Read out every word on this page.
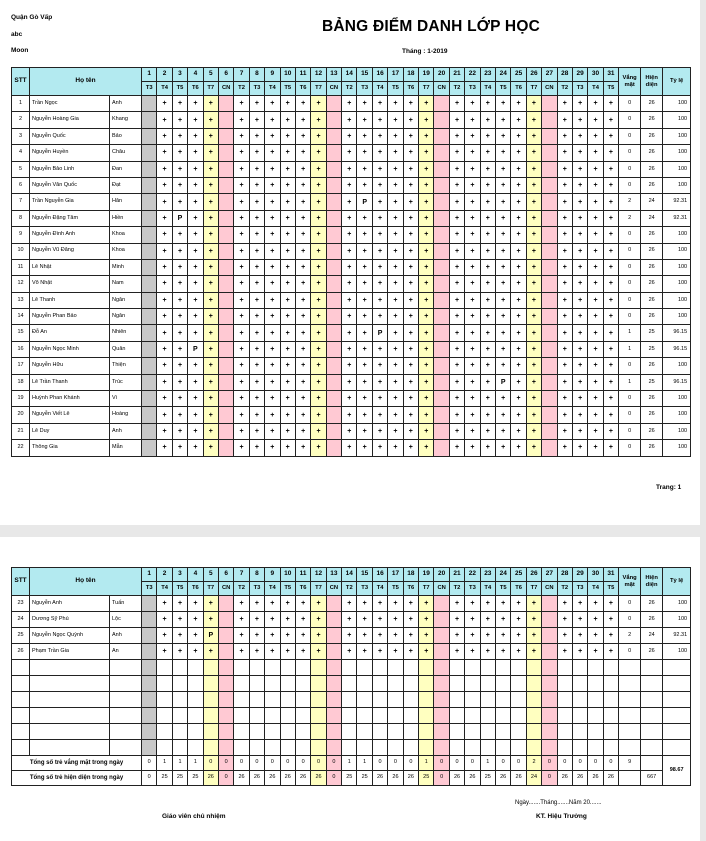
Quận Gò Vấp
abc
Moon
BẢNG ĐIỂM DANH LỚP HỌC
Tháng : 1-2019
STT	Họ tên		1	2	3	4	5	6	7	8	9	10	11	12	13	14	15	16	17	18	19	20	21	22	23	24	25	26	27	28	29	30	31	Vắng mặt	Hiện diện	Tỷ lệ
			T3	T4	T5	T6	T7	CN	T2	T3	T4	T5	T6	T7	CN	T2	T3	T4	T5	T6	T7	CN	T2	T3	T4	T5	T6	T7	CN	T2	T3	T4	T5			
1	Trần Ngọc	Anh		+	+	+	+		+	+	+	+	+	+		+	+	+	+	+	+		+	+	+	+	+	+		+	+	+	+	0	26	100
2	Nguyễn Hoàng Gia	Khang		+	+	+	+		+	+	+	+	+	+		+	+	+	+	+	+		+	+	+	+	+	+		+	+	+	+	0	26	100
3	Nguyễn Quốc	Bảo		+	+	+	+		+	+	+	+	+	+		+	+	+	+	+	+		+	+	+	+	+	+		+	+	+	+	0	26	100
4	Nguyễn Huyền	Châu		+	+	+	+		+	+	+	+	+	+		+	+	+	+	+	+		+	+	+	+	+	+		+	+	+	+	0	26	100
5	Nguyễn Bảo Linh	Đan		+	+	+	+		+	+	+	+	+	+		+	+	+	+	+	+		+	+	+	+	+	+		+	+	+	+	0	26	100
6	Nguyễn Văn Quốc	Đạt		+	+	+	+		+	+	+	+	+	+		+	+	+	+	+	+		+	+	+	+	+	+		+	+	+	+	0	26	100
7	Trần Nguyễn Gia	Hân		+	+	+	+		+	+	+	+	+	+		+	P	+	+	+	+		+	+	+	+	+	+		+	+	+	+	2	24	92.31
8	Nguyễn Đặng Tâm	Hiền		+	P	+	+		+	+	+	+	+	+		+	+	+	+	+	+		+	+	+	+	+	+		+	+	+	+	2	24	92.31
9	Nguyễn Đình Anh	Khoa		+	+	+	+		+	+	+	+	+	+		+	+	+	+	+	+		+	+	+	+	+	+		+	+	+	+	0	26	100
10	Nguyễn Vũ Đăng	Khoa		+	+	+	+		+	+	+	+	+	+		+	+	+	+	+	+		+	+	+	+	+	+		+	+	+	+	0	26	100
11	Lê Nhật	Minh		+	+	+	+		+	+	+	+	+	+		+	+	+	+	+	+		+	+	+	+	+	+		+	+	+	+	0	26	100
12	Võ Nhật	Nam		+	+	+	+		+	+	+	+	+	+		+	+	+	+	+	+		+	+	+	+	+	+		+	+	+	+	0	26	100
13	Lê Thanh	Ngân		+	+	+	+		+	+	+	+	+	+		+	+	+	+	+	+		+	+	+	+	+	+		+	+	+	+	0	26	100
14	Nguyễn Phan Bảo	Ngân		+	+	+	+		+	+	+	+	+	+		+	+	+	+	+	+		+	+	+	+	+	+		+	+	+	+	0	26	100
15	Đỗ An	Nhiên		+	+	+	+		+	+	+	+	+	+		+	+	P	+	+	+		+	+	+	+	+	+		+	+	+	+	1	25	96.15
16	Nguyễn Ngọc Minh	Quân		+	+	P	+		+	+	+	+	+	+		+	+	+	+	+	+		+	+	+	+	+	+		+	+	+	+	1	25	96.15
17	Nguyễn Hữu	Thiện		+	+	+	+		+	+	+	+	+	+		+	+	+	+	+	+		+	+	+	+	+	+		+	+	+	+	0	26	100
18	Lê Trần Thanh	Trúc		+	+	+	+		+	+	+	+	+	+		+	+	+	+	+	+		+	+	+	P	+	+		+	+	+	+	1	25	96.15
19	Huỳnh Phan Khánh	Vi		+	+	+	+		+	+	+	+	+	+		+	+	+	+	+	+		+	+	+	+	+	+		+	+	+	+	0	26	100
20	Nguyễn Viết Lê	Hoàng		+	+	+	+		+	+	+	+	+	+		+	+	+	+	+	+		+	+	+	+	+	+		+	+	+	+	0	26	100
21	Lê Duy	Anh		+	+	+	+		+	+	+	+	+	+		+	+	+	+	+	+		+	+	+	+	+	+		+	+	+	+	0	26	100
22	Thông Gia	Mẫn		+	+	+	+		+	+	+	+	+	+		+	+	+	+	+	+		+	+	+	+	+	+		+	+	+	+	0	26	100
Trang: 1
STT	Họ tên		1	2	3	4	5	6	7	8	9	10	11	12	13	14	15	16	17	18	19	20	21	22	23	24	25	26	27	28	29	30	31	Vắng mặt	Hiện diện	Tỷ lệ
			T3	T4	T5	T6	T7	CN	T2	T3	T4	T5	T6	T7	CN	T2	T3	T4	T5	T6	T7	CN	T2	T3	T4	T5	T6	T7	CN	T2	T3	T4	T5			
23	Nguyễn Anh	Tuấn		+	+	+	+		+	+	+	+	+	+		+	+	+	+	+	+		+	+	+	+	+	+		+	+	+	+	0	26	100
24	Dương Sỹ Phú	Lộc		+	+	+	+		+	+	+	+	+	+		+	+	+	+	+	+		+	+	+	+	+	+		+	+	+	+	0	26	100
25	Nguyễn Ngọc Quỳnh	Anh		+	+	+	P		+	+	+	+	+	+		+	+	+	+	+	+		+	+	+	+	+	+		+	+	+	+	2	24	92.31
26	Phạm Trần Gia	An		+	+	+	+		+	+	+	+	+	+		+	+	+	+	+	+		+	+	+	+	+	+		+	+	+	+	0	26	100

Tổng số trẻ vắng mặt trong ngày			0	1	1	1	0	0	0	0	0	0	0	0	0	1	1	0	0	0	1	0	0	0	1	0	0	2	0	0	0	0	0	9		98.67
Tổng số trẻ hiện diện trong ngày			0	25	25	25	26	0	26	26	26	26	26	26	0	25	25	26	26	26	25	0	26	26	25	26	26	24	0	26	26	26	26		667	
Ngày.......Tháng.......Năm 20.......
Giáo viên chủ nhiệm	KT. Hiệu Trưởng
